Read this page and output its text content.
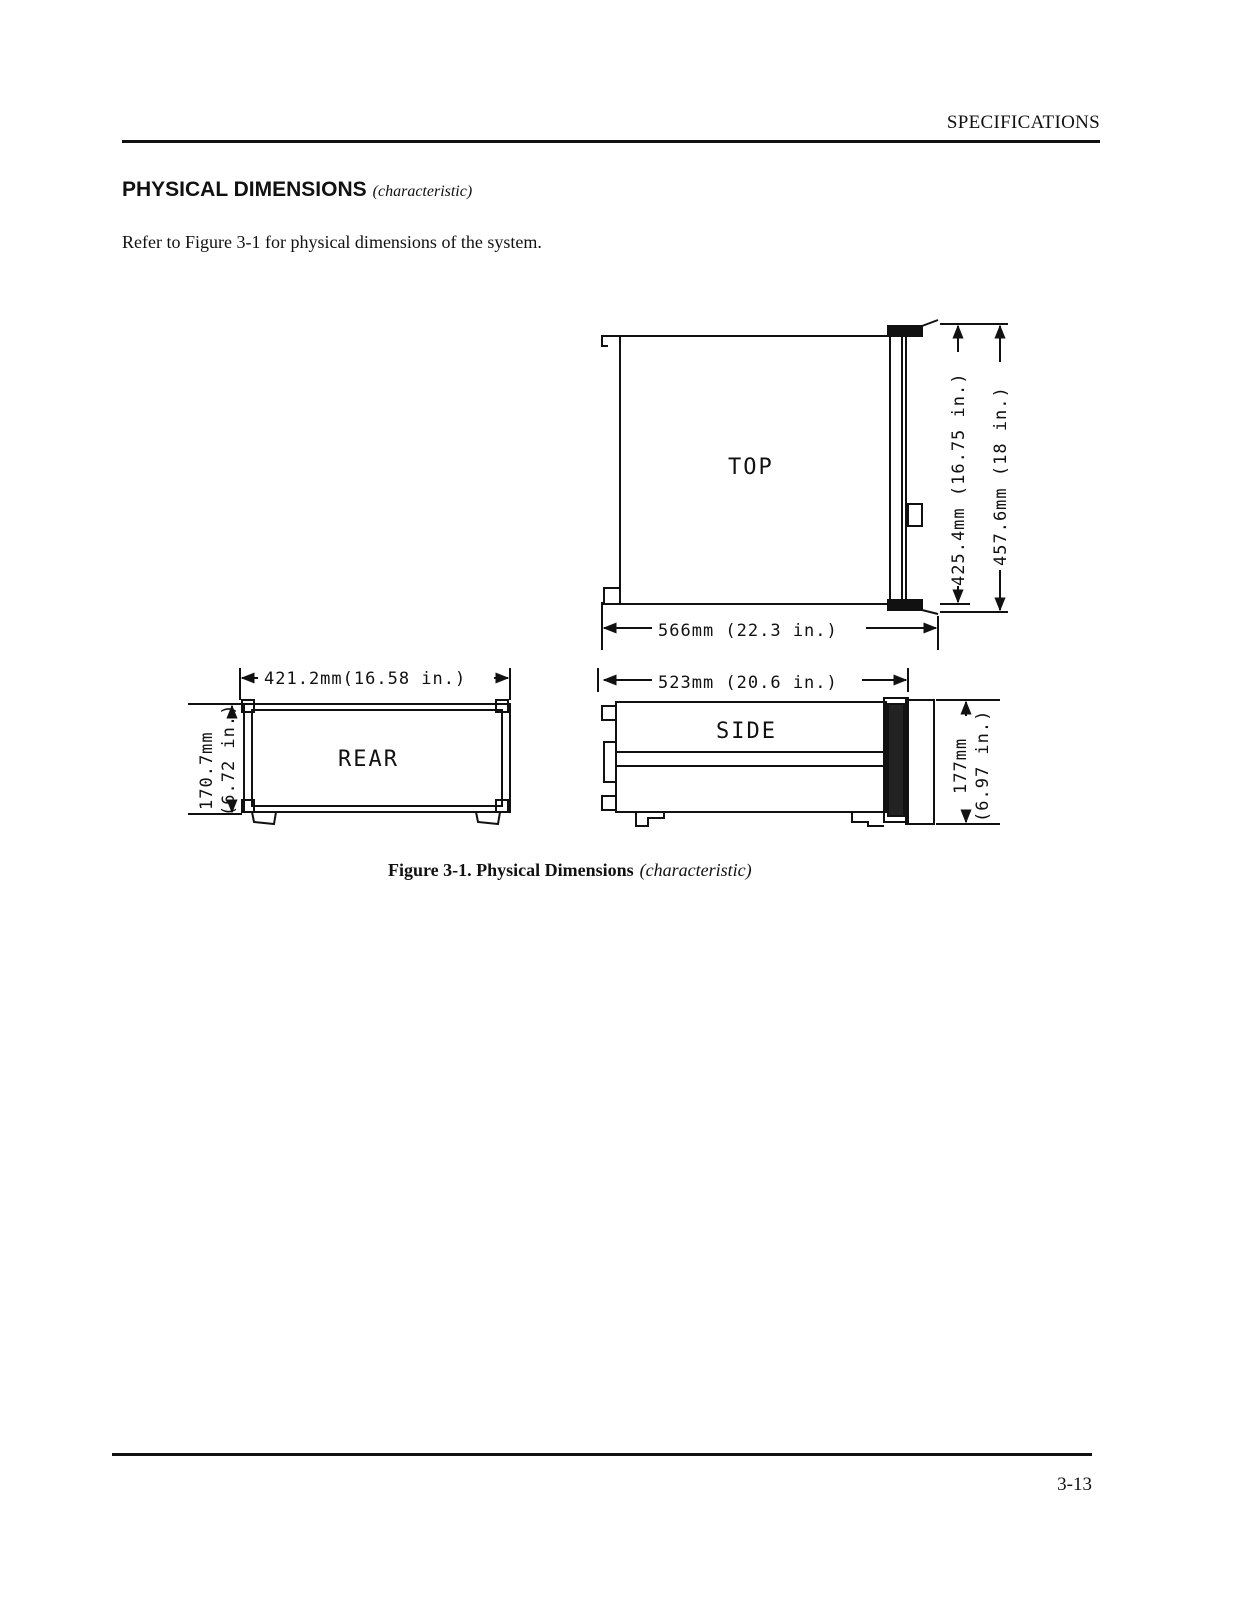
SPECIFICATIONS
PHYSICAL DIMENSIONS (characteristic)
Refer to Figure 3-1 for physical dimensions of the system.
TOP
566mm (22.3 in.)
425.4mm (16.75 in.) 457.6mm (18 in.)
REAR
421.2mm(16.58 in.)
170.7mm (6.72 in.)	SIDE
523mm (20.6 in.)
177mm (6.97 in.)
Figure 3-1. Physical Dimensions (characteristic)
3-13
